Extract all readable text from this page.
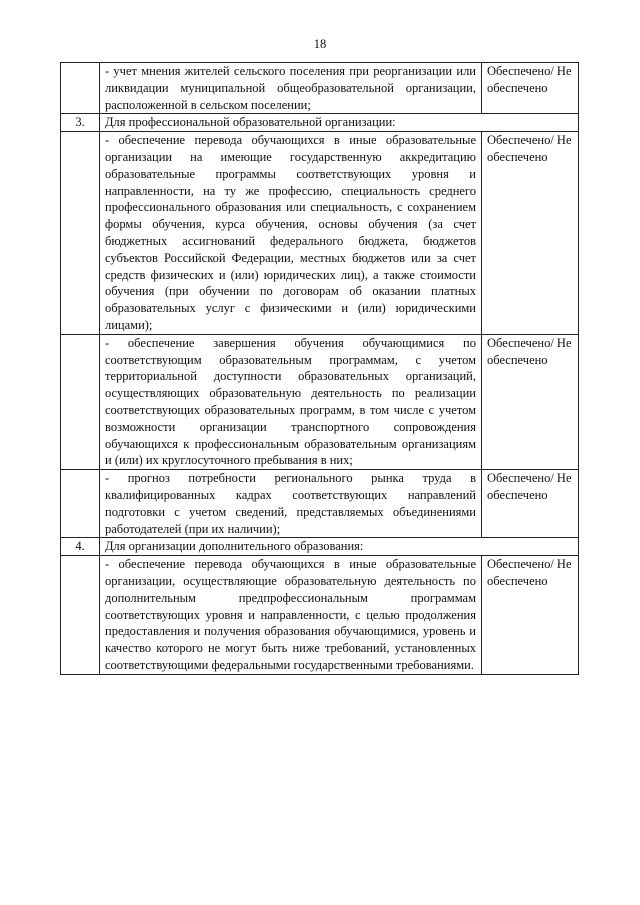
18
	- учет мнения жителей сельского поселения при реорганизации или ликвидации муниципальной общеобразовательной организации, расположенной в сельском поселении;	Обеспечено/ Не обеспечено
3.	Для профессиональной образовательной организации:	
	- обеспечение перевода обучающихся в иные образовательные организации на имеющие государственную аккредитацию образовательные программы соответствующих уровня и направленности, на ту же профессию, специальность среднего профессионального образования или специальность, с сохранением формы обучения, курса обучения, основы обучения (за счет бюджетных ассигнований федерального бюджета, бюджетов субъектов Российской Федерации, местных бюджетов или за счет средств физических и (или) юридических лиц), а также стоимости обучения (при обучении по договорам об оказании платных образовательных услуг с физическими и (или) юридическими лицами);	Обеспечено/ Не обеспечено
	- обеспечение завершения обучения обучающимися по соответствующим образовательным программам, с учетом территориальной доступности образовательных организаций, осуществляющих образовательную деятельность по реализации соответствующих образовательных программ, в том числе с учетом возможности организации транспортного сопровождения обучающихся к профессиональным образовательным организациям и (или) их круглосуточного пребывания в них;	Обеспечено/ Не обеспечено
	- прогноз потребности регионального рынка труда в квалифицированных кадрах соответствующих направлений подготовки с учетом сведений, представляемых объединениями работодателей (при их наличии);	Обеспечено/ Не обеспечено
4.	Для организации дополнительного образования:	
	- обеспечение перевода обучающихся в иные образовательные организации, осуществляющие образовательную деятельность по дополнительным предпрофессиональным программам соответствующих уровня и направленности, с целью продолжения предоставления и получения образования обучающимися, уровень и качество которого не могут быть ниже требований, установленных соответствующими федеральными государственными требованиями.	Обеспечено/ Не обеспечено
